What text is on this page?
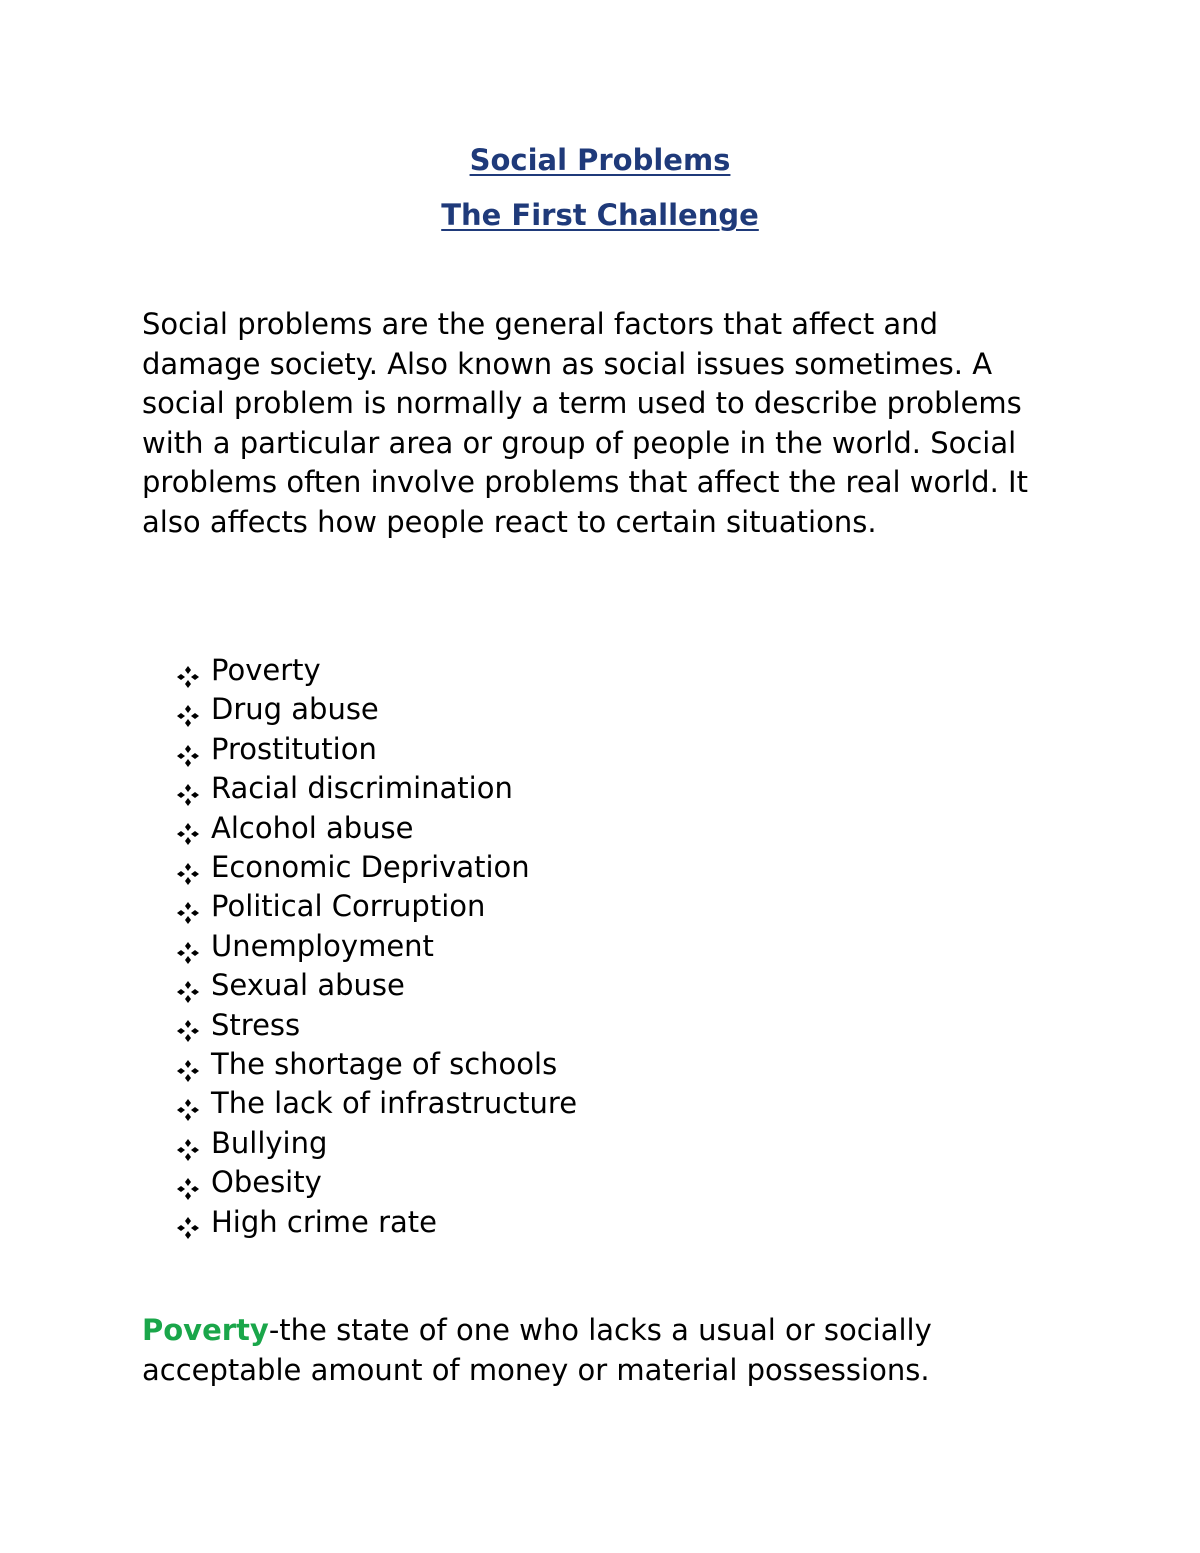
Social Problems
The First Challenge

Social problems are the general factors that affect and damage society. Also known as social issues sometimes. A social problem is normally a term used to describe problems with a particular area or group of people in the world. Social problems often involve problems that affect the real world. It also affects how people react to certain situations.

Poverty
Drug abuse
Prostitution
Racial discrimination
Alcohol abuse
Economic Deprivation
Political Corruption
Unemployment
Sexual abuse
Stress
The shortage of schools
The lack of infrastructure
Bullying
Obesity
High crime rate

Poverty-the state of one who lacks a usual or socially acceptable amount of money or material possessions.
